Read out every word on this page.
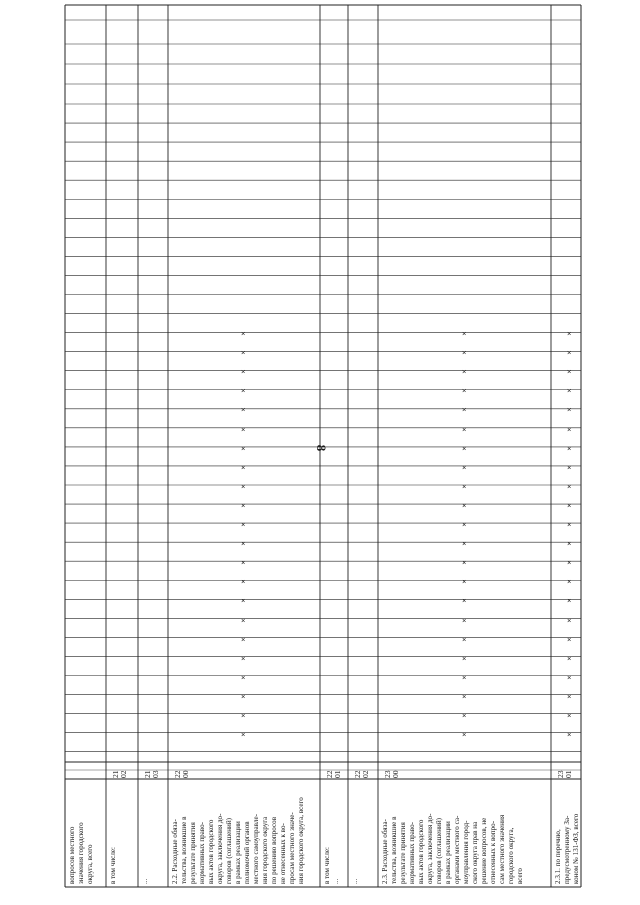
8

вопросов местного значения городского округа, всего в том числе:

21 02

...

21 03

2.2. Расходные обяза- тельства, возникшие в результате принятия нормативных право- вых актов городского округа, заключения до- говоров (соглашений) в рамках реализации полномочий органов местного самоуправле- ния городского округа по решению вопросов не отнесенных к во- просам местного значе- ния городского округа, всего

22 00
×
×
×
×
×
×
×
×
×
×
×
×
×
×
×
×
×
×
×
×
×
×

в том числе: ...

22 01

...

22 02

2.3. Расходные обяза- тельства, возникшие в результате принятия нормативных право- вых актов городского округа, заключения до- говоров (соглашений) в рамках реализации органами местного са- моуправления город- ского округа прав на решение вопросов, не отнесенных к вопро- сам местного значения городского округа, всего

23 00
×
×
×
×
×
×
×
×
×
×
×
×
×
×
×
×
×
×
×
×
×
×

2.3.1. по перечню, предусмотренному За- коном № 131-ФЗ, всего

23 01
×
×
×
×
×
×
×
×
×
×
×
×
×
×
×
×
×
×
×
×
×
×
